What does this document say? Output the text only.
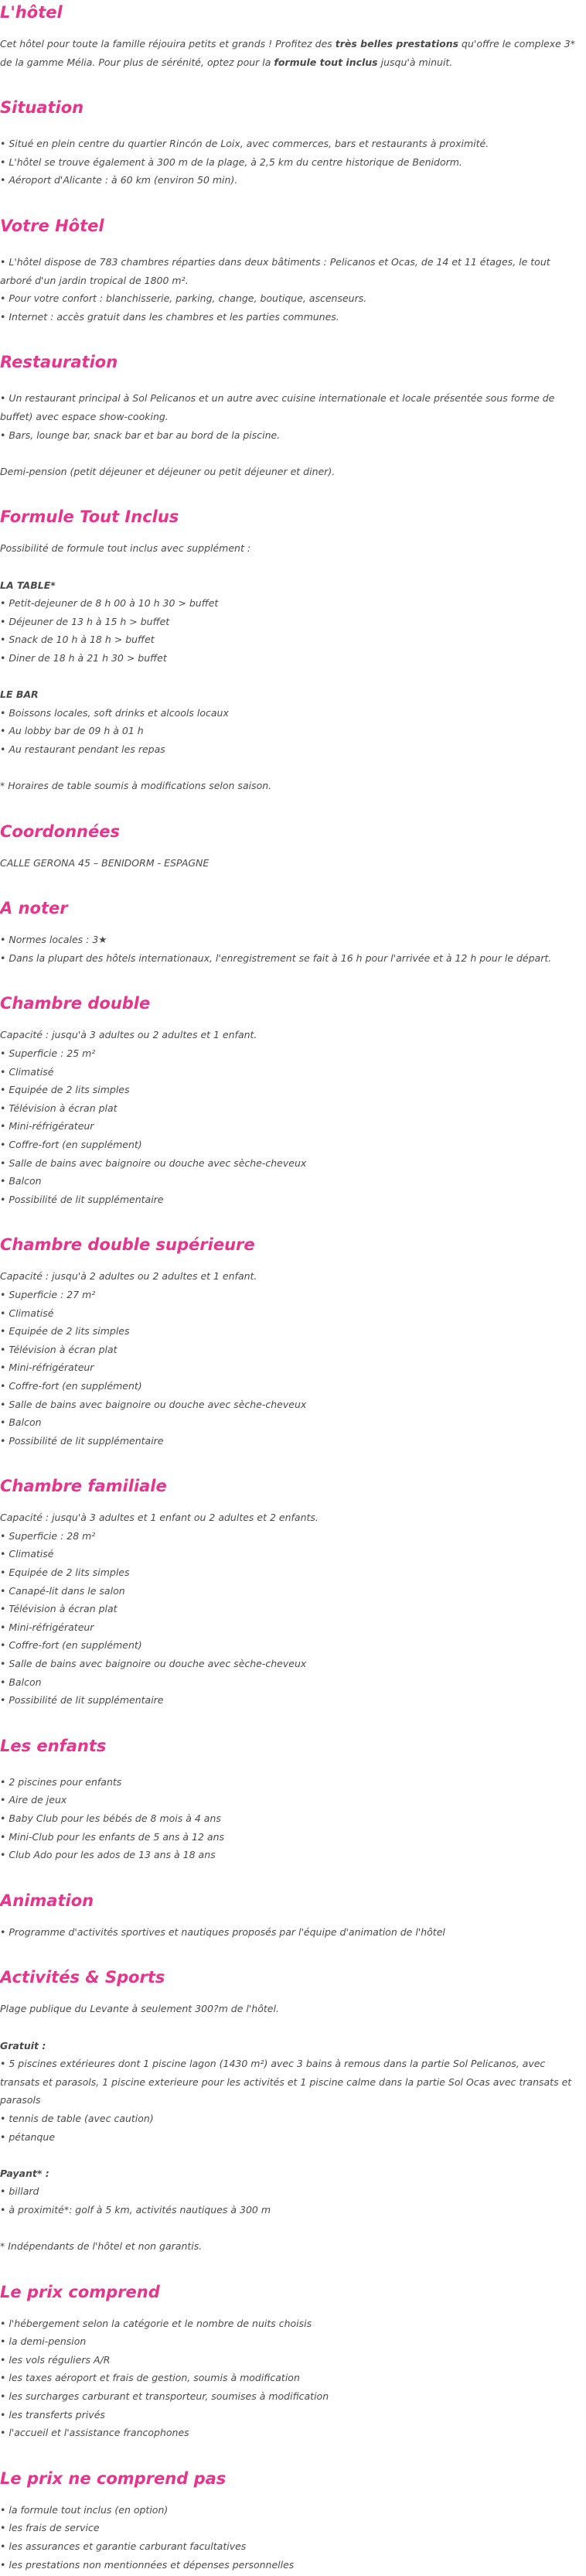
L'hôtel

Cet hôtel pour toute la famille réjouira petits et grands ! Profitez des très belles prestations qu'offre le complexe 3* de la gamme Mélia. Pour plus de sérénité, optez pour la formule tout inclus jusqu'à minuit.

Situation
• Situé en plein centre du quartier Rincón de Loix, avec commerces, bars et restaurants à proximité.
• L'hôtel se trouve également à 300 m de la plage, à 2,5 km du centre historique de Benidorm.
• Aéroport d'Alicante : à 60 km (environ 50 min).
Votre Hôtel
• L'hôtel dispose de 783 chambres réparties dans deux bâtiments : Pelicanos et Ocas, de 14 et 11 étages, le tout arboré d'un jardin tropical de 1800 m².
• Pour votre confort : blanchisserie, parking, change, boutique, ascenseurs.
• Internet : accès gratuit dans les chambres et les parties communes.
Restauration
• Un restaurant principal à Sol Pelicanos et un autre avec cuisine internationale et locale présentée sous forme de buffet) avec espace show-cooking.
• Bars, lounge bar, snack bar et bar au bord de la piscine.

Demi-pension (petit déjeuner et déjeuner ou petit déjeuner et diner).

Formule Tout Inclus

Possibilité de formule tout inclus avec supplément :

LA TABLE*

• Petit-dejeuner de 8 h 00 à 10 h 30 > buffet
• Déjeuner de 13 h à 15 h > buffet
• Snack de 10 h à 18 h > buffet
• Diner de 18 h à 21 h 30 > buffet

LE BAR

• Boissons locales, soft drinks et alcools locaux
• Au lobby bar de 09 h à 01 h
• Au restaurant pendant les repas

* Horaires de table soumis à modifications selon saison.

Coordonnées

CALLE GERONA 45 – BENIDORM - ESPAGNE

A noter
• Normes locales : 3★
• Dans la plupart des hôtels internationaux, l'enregistrement se fait à 16 h pour l'arrivée et à 12 h pour le départ.
Chambre double

Capacité : jusqu'à 3 adultes ou 2 adultes et 1 enfant.

• Superficie : 25 m²
• Climatisé
• Equipée de 2 lits simples
• Télévision à écran plat
• Mini-réfrigérateur
• Coffre-fort (en supplément)
• Salle de bains avec baignoire ou douche avec sèche-cheveux
• Balcon
• Possibilité de lit supplémentaire
Chambre double supérieure

Capacité : jusqu'à 2 adultes ou 2 adultes et 1 enfant.

• Superficie : 27 m²
• Climatisé
• Equipée de 2 lits simples
• Télévision à écran plat
• Mini-réfrigérateur
• Coffre-fort (en supplément)
• Salle de bains avec baignoire ou douche avec sèche-cheveux
• Balcon
• Possibilité de lit supplémentaire
Chambre familiale

Capacité : jusqu'à 3 adultes et 1 enfant ou 2 adultes et 2 enfants.

• Superficie : 28 m²
• Climatisé
• Equipée de 2 lits simples
• Canapé-lit dans le salon
• Télévision à écran plat
• Mini-réfrigérateur
• Coffre-fort (en supplément)
• Salle de bains avec baignoire ou douche avec sèche-cheveux
• Balcon
• Possibilité de lit supplémentaire
Les enfants
• 2 piscines pour enfants
• Aire de jeux
• Baby Club pour les bébés de 8 mois à 4 ans
• Mini-Club pour les enfants de 5 ans à 12 ans
• Club Ado pour les ados de 13 ans à 18 ans
Animation
• Programme d'activités sportives et nautiques proposés par l'équipe d'animation de l'hôtel
Activités & Sports

Plage publique du Levante à seulement 300?m de l'hôtel.

Gratuit :

• 5 piscines extérieures dont 1 piscine lagon (1430 m²) avec 3 bains à remous dans la partie Sol Pelicanos, avec transats et parasols, 1 piscine exterieure pour les activités et 1 piscine calme dans la partie Sol Ocas avec transats et parasols
• tennis de table (avec caution)
• pétanque

Payant* :

• billard
• à proximité*: golf à 5 km, activités nautiques à 300 m

* Indépendants de l'hôtel et non garantis.

Le prix comprend
• l'hébergement selon la catégorie et le nombre de nuits choisis
• la demi-pension
• les vols réguliers A/R
• les taxes aéroport et frais de gestion, soumis à modification
• les surcharges carburant et transporteur, soumises à modification
• les transferts privés
• l'accueil et l'assistance francophones
Le prix ne comprend pas
• la formule tout inclus (en option)
• les frais de service
• les assurances et garantie carburant facultatives
• les prestations non mentionnées et dépenses personnelles
